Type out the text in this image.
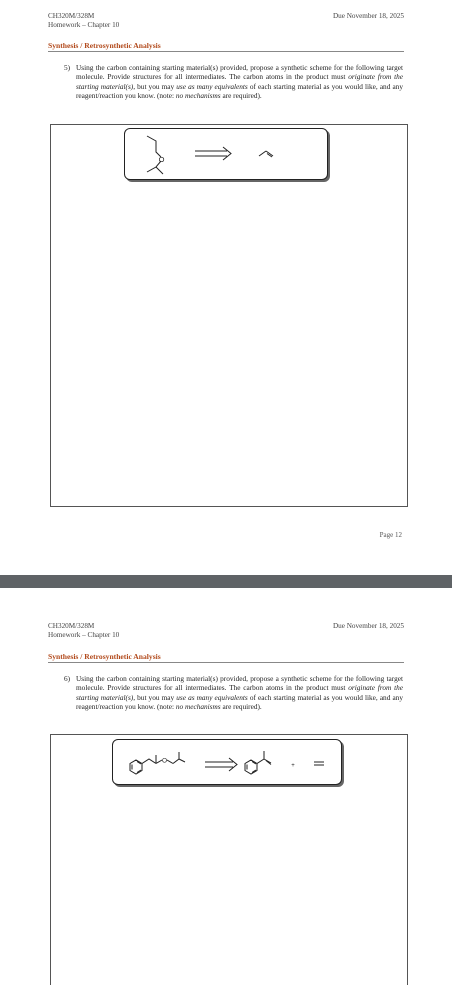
CH320M/328M
Homework – Chapter 10
Due November 18, 2025
Synthesis / Retrosynthetic Analysis
5) Using the carbon containing starting material(s) provided, propose a synthetic scheme for the following target molecule. Provide structures for all intermediates. The carbon atoms in the product must originate from the starting material(s), but you may use as many equivalents of each starting material as you would like, and any reagent/reaction you know. (note: no mechanisms are required).
O
Page 12
CH320M/328M
Homework – Chapter 10
Due November 18, 2025
Synthesis / Retrosynthetic Analysis
6) Using the carbon containing starting material(s) provided, propose a synthetic scheme for the following target molecule. Provide structures for all intermediates. The carbon atoms in the product must originate from the starting material(s), but you may use as many equivalents of each starting material as you would like, and any reagent/reaction you know. (note: no mechanisms are required).
O
+
